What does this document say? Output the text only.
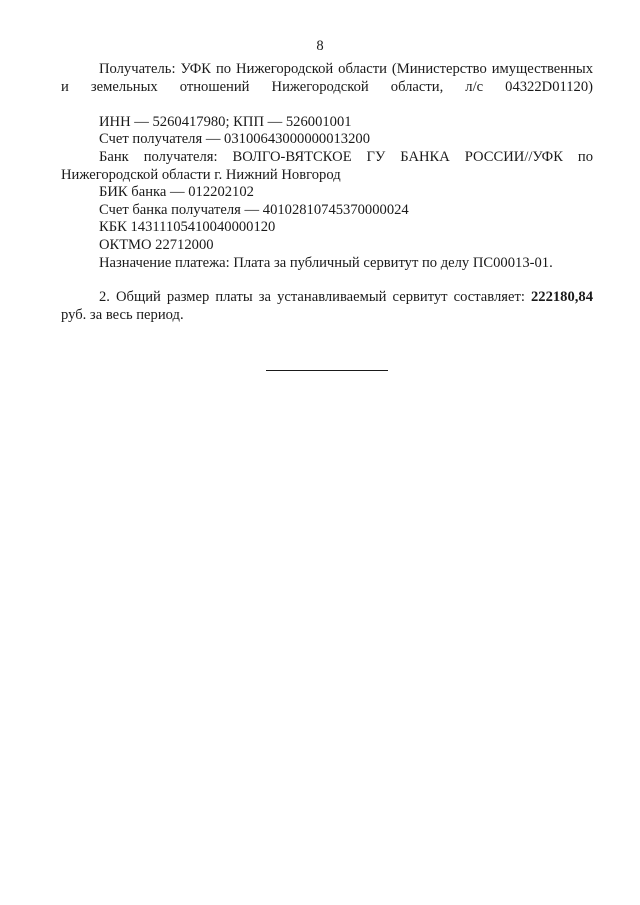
8

Получатель: УФК по Нижегородской области (Министерство имущественных и земельных отношений Нижегородской области, л/с 04322D01120)

ИНН — 5260417980; КПП — 526001001

Счет получателя — 03100643000000013200

Банк получателя: ВОЛГО-ВЯТСКОЕ ГУ БАНКА РОССИИ//УФК по Нижегородской области г. Нижний Новгород

БИК банка — 012202102

Счет банка получателя — 40102810745370000024

КБК 14311105410040000120

ОКТМО 22712000

Назначение платежа: Плата за публичный сервитут по делу ПС00013-01.

2. Общий размер платы за устанавливаемый сервитут составляет: 222180,84 руб. за весь период.
